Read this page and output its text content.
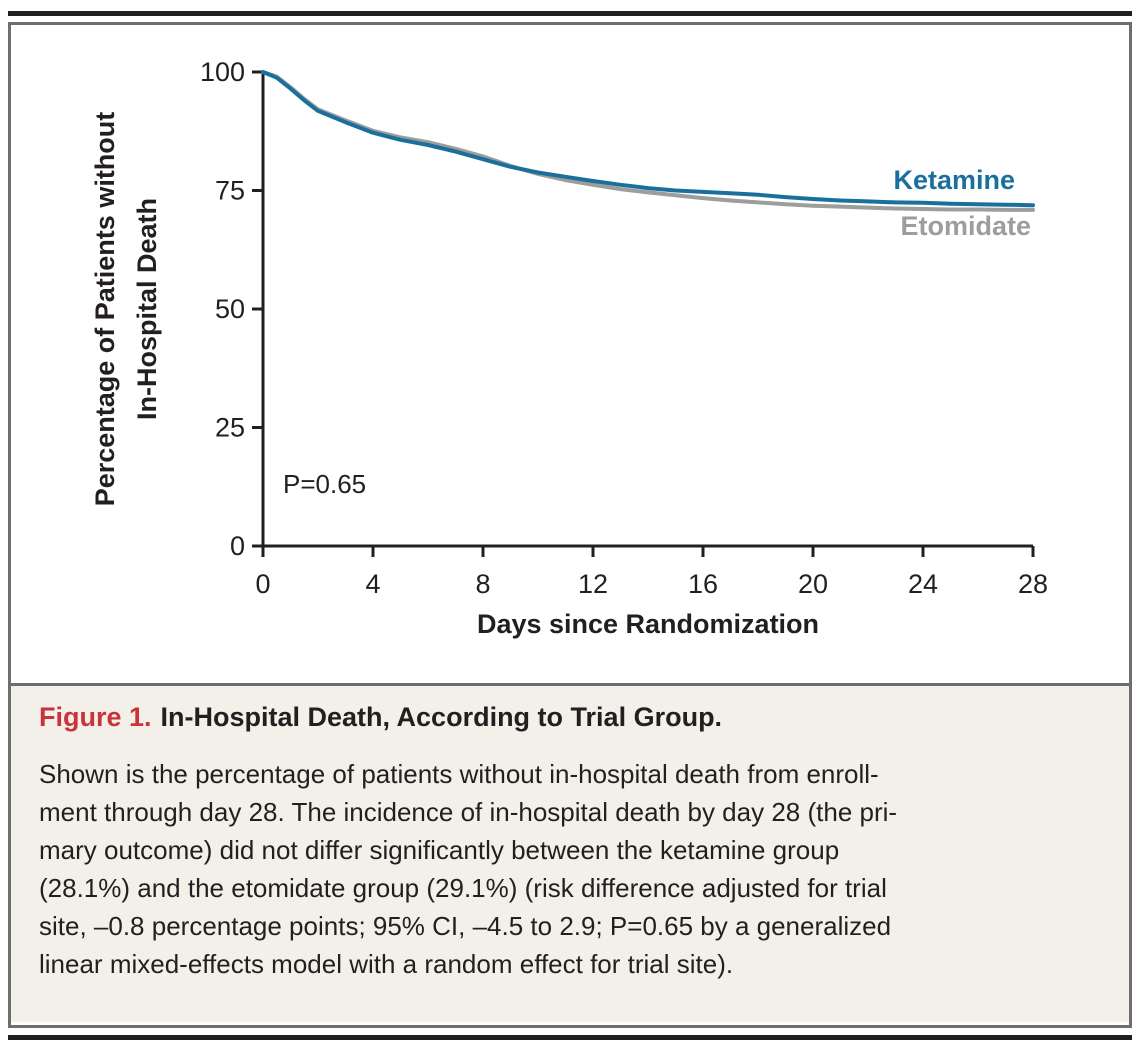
0
25
50
75
100
0	4	8	12	16	20	24	28
Percentage of Patients without In-Hospital Death
P=0.65
Ketamine
Etomidate
Days since Randomization

Figure 1. In-Hospital Death, According to Trial Group.

Shown is the percentage of patients without in-hospital death from enroll-
ment through day 28. The incidence of in-hospital death by day 28 (the pri-
mary outcome) did not differ significantly between the ketamine group
(28.1%) and the etomidate group (29.1%) (risk difference adjusted for trial
site, –0.8 percentage points; 95% CI, –4.5 to 2.9; P=0.65 by a generalized
linear mixed-effects model with a random effect for trial site).
